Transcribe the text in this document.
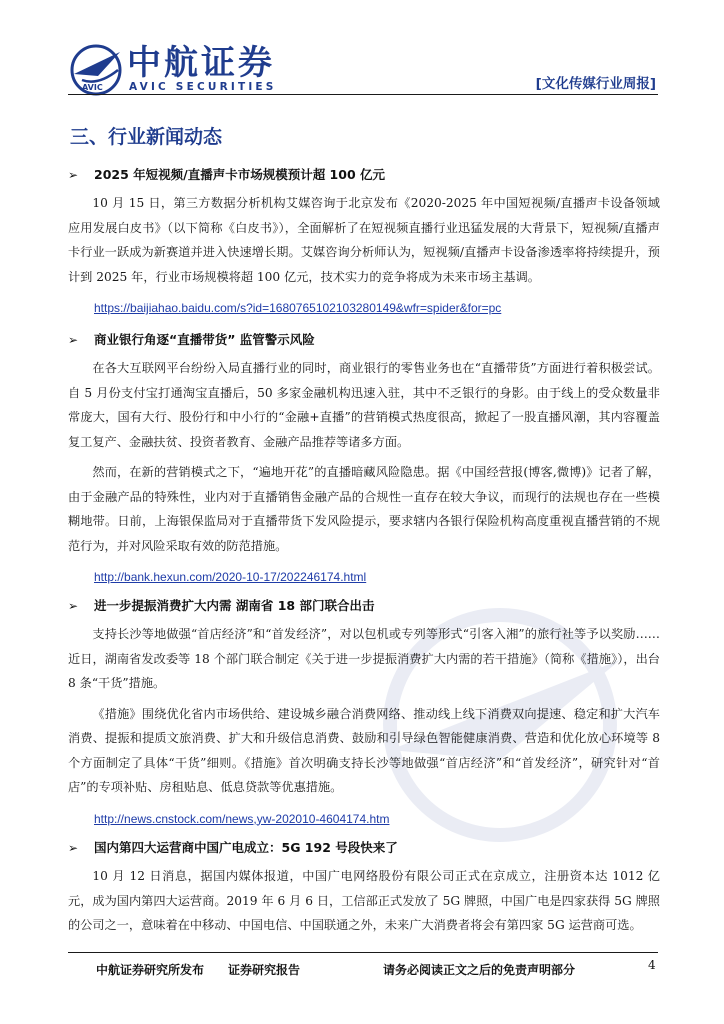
AVIC
中航证券
AVIC SECURITIES	[文化传媒行业周报]
三、行业新闻动态
➢ 2025 年短视频/直播声卡市场规模预计超 100 亿元
10 月 15 日，第三方数据分析机构艾媒咨询于北京发布《2020-2025 年中国短视频/直播声卡设备领域应用发展白皮书》（以下简称《白皮书》），全面解析了在短视频直播行业迅猛发展的大背景下，短视频/直播声卡行业一跃成为新赛道并进入快速增长期。艾媒咨询分析师认为，短视频/直播声卡设备渗透率将持续提升，预计到 2025 年，行业市场规模将超 100 亿元，技术实力的竞争将成为未来市场主基调。
https://baijiahao.baidu.com/s?id=1680765102103280149&wfr=spider&for=pc
➢ 商业银行角逐“直播带货” 监管警示风险
在各大互联网平台纷纷入局直播行业的同时，商业银行的零售业务也在“直播带货”方面进行着积极尝试。自 5 月份支付宝打通淘宝直播后，50 多家金融机构迅速入驻，其中不乏银行的身影。由于线上的受众数量非常庞大，国有大行、股份行和中小行的“金融+直播”的营销模式热度很高，掀起了一股直播风潮，其内容覆盖复工复产、金融扶贫、投资者教育、金融产品推荐等诸多方面。
然而，在新的营销模式之下，“遍地开花”的直播暗藏风险隐患。据《中国经营报(博客,微博)》记者了解，由于金融产品的特殊性，业内对于直播销售金融产品的合规性一直存在较大争议，而现行的法规也存在一些模糊地带。日前，上海银保监局对于直播带货下发风险提示，要求辖内各银行保险机构高度重视直播营销的不规范行为，并对风险采取有效的防范措施。
http://bank.hexun.com/2020-10-17/202246174.html
➢ 进一步提振消费扩大内需 湖南省 18 部门联合出击
支持长沙等地做强“首店经济”和“首发经济”，对以包机或专列等形式“引客入湘”的旅行社等予以奖励……近日，湖南省发改委等 18 个部门联合制定《关于进一步提振消费扩大内需的若干措施》（简称《措施》），出台 8 条“干货”措施。
《措施》围绕优化省内市场供给、建设城乡融合消费网络、推动线上线下消费双向提速、稳定和扩大汽车消费、提振和提质文旅消费、扩大和升级信息消费、鼓励和引导绿色智能健康消费、营造和优化放心环境等 8 个方面制定了具体“干货”细则。《措施》首次明确支持长沙等地做强“首店经济”和“首发经济”，研究针对“首店”的专项补贴、房租贴息、低息贷款等优惠措施。
http://news.cnstock.com/news,yw-202010-4604174.htm
➢ 国内第四大运营商中国广电成立：5G 192 号段快来了
10 月 12 日消息，据国内媒体报道，中国广电网络股份有限公司正式在京成立，注册资本达 1012 亿元，成为国内第四大运营商。2019 年 6 月 6 日，工信部正式发放了 5G 牌照，中国广电是四家获得 5G 牌照的公司之一，意味着在中移动、中国电信、中国联通之外，未来广大消费者将会有第四家 5G 运营商可选。
中航证券研究所发布　　证券研究报告	请务必阅读正文之后的免责声明部分	4
